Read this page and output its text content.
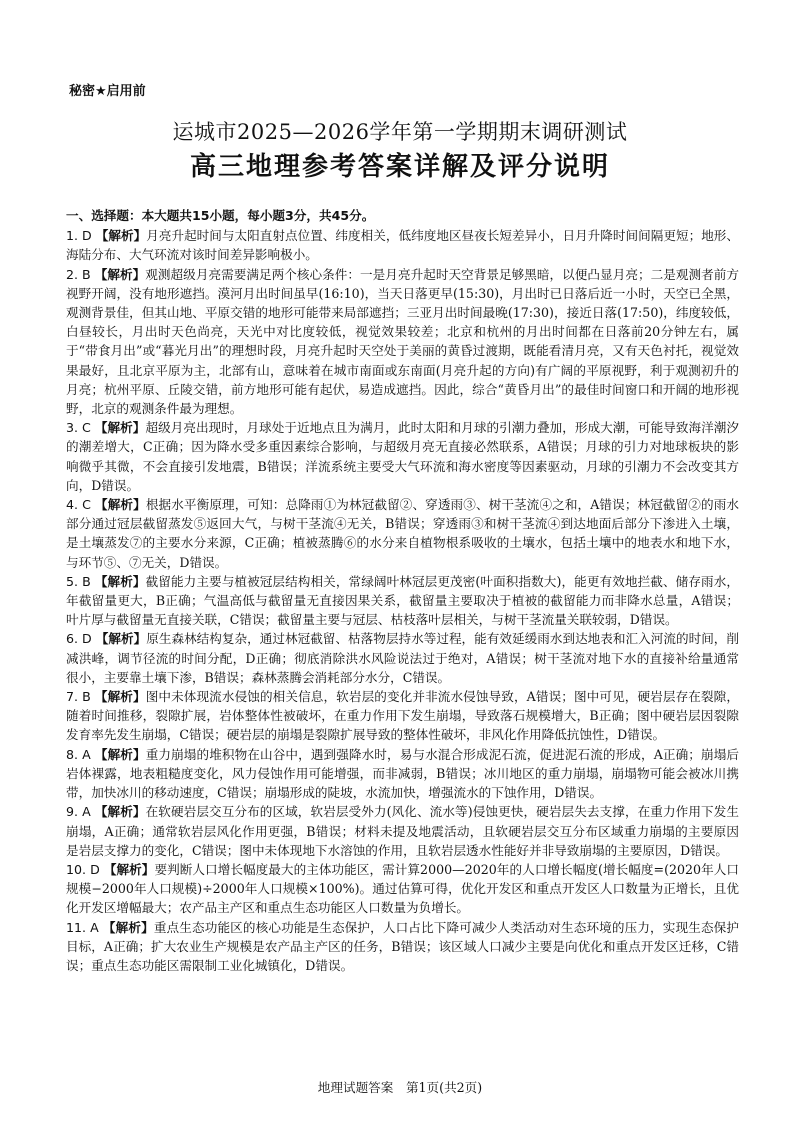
秘密★启用前
运城市2025—2026学年第一学期期末调研测试
高三地理参考答案详解及评分说明
一、选择题：本大题共15小题，每小题3分，共45分。
1. D 【解析】月亮升起时间与太阳直射点位置、纬度相关，低纬度地区昼夜长短差异小，日月升降时间间隔更短；地形、海陆分布、大气环流对该时间差异影响极小。
2. B 【解析】观测超级月亮需要满足两个核心条件：一是月亮升起时天空背景足够黑暗，以便凸显月亮；二是观测者前方视野开阔，没有地形遮挡。漠河月出时间虽早(16:10)，当天日落更早(15:30)，月出时已日落后近一小时，天空已全黑，观测背景佳，但其山地、平原交错的地形可能带来局部遮挡；三亚月出时间最晚(17:30)，接近日落(17:50)，纬度较低，白昼较长，月出时天色尚亮，天光中对比度较低，视觉效果较差；北京和杭州的月出时间都在日落前20分钟左右，属于“带食月出”或“暮光月出”的理想时段，月亮升起时天空处于美丽的黄昏过渡期，既能看清月亮，又有天色衬托，视觉效果最好，且北京平原为主，北部有山，意味着在城市南面或东南面(月亮升起的方向)有广阔的平原视野，利于观测初升的月亮；杭州平原、丘陵交错，前方地形可能有起伏，易造成遮挡。因此，综合“黄昏月出”的最佳时间窗口和开阔的地形视野，北京的观测条件最为理想。
3. C 【解析】超级月亮出现时，月球处于近地点且为满月，此时太阳和月球的引潮力叠加，形成大潮，可能导致海洋潮汐的潮差增大，C正确；因为降水受多重因素综合影响，与超级月亮无直接必然联系，A错误；月球的引力对地球板块的影响微乎其微，不会直接引发地震，B错误；洋流系统主要受大气环流和海水密度等因素驱动，月球的引潮力不会改变其方向，D错误。
4. C 【解析】根据水平衡原理，可知：总降雨①为林冠截留②、穿透雨③、树干茎流④之和，A错误；林冠截留②的雨水部分通过冠层截留蒸发⑤返回大气，与树干茎流④无关，B错误；穿透雨③和树干茎流④到达地面后部分下渗进入土壤，是土壤蒸发⑦的主要水分来源，C正确；植被蒸腾⑥的水分来自植物根系吸收的土壤水，包括土壤中的地表水和地下水，与环节⑤、⑦无关，D错误。
5. B 【解析】截留能力主要与植被冠层结构相关，常绿阔叶林冠层更茂密(叶面积指数大)，能更有效地拦截、储存雨水，年截留量更大，B正确；气温高低与截留量无直接因果关系，截留量主要取决于植被的截留能力而非降水总量，A错误；叶片厚与截留量无直接关联，C错误；截留量主要与冠层、枯枝落叶层相关，与树干茎流量关联较弱，D错误。
6. D 【解析】原生森林结构复杂，通过林冠截留、枯落物层持水等过程，能有效延缓雨水到达地表和汇入河流的时间，削减洪峰，调节径流的时间分配，D正确；彻底消除洪水风险说法过于绝对，A错误；树干茎流对地下水的直接补给量通常很小，主要靠土壤下渗，B错误；森林蒸腾会消耗部分水分，C错误。
7. B 【解析】图中未体现流水侵蚀的相关信息，软岩层的变化并非流水侵蚀导致，A错误；图中可见，硬岩层存在裂隙，随着时间推移，裂隙扩展，岩体整体性被破坏，在重力作用下发生崩塌，导致落石规模增大，B正确；图中硬岩层因裂隙发育率先发生崩塌，C错误；硬岩层的崩塌是裂隙扩展导致的整体性破坏，非风化作用降低抗蚀性，D错误。
8. A 【解析】重力崩塌的堆积物在山谷中，遇到强降水时，易与水混合形成泥石流，促进泥石流的形成，A正确；崩塌后岩体裸露，地表粗糙度变化，风力侵蚀作用可能增强，而非减弱，B错误；冰川地区的重力崩塌，崩塌物可能会被冰川携带，加快冰川的移动速度，C错误；崩塌形成的陡坡，水流加快，增强流水的下蚀作用，D错误。
9. A 【解析】在软硬岩层交互分布的区域，软岩层受外力(风化、流水等)侵蚀更快，硬岩层失去支撑，在重力作用下发生崩塌，A正确；通常软岩层风化作用更强，B错误；材料未提及地震活动，且软硬岩层交互分布区域重力崩塌的主要原因是岩层支撑力的变化，C错误；图中未体现地下水溶蚀的作用，且软岩层透水性能好并非导致崩塌的主要原因，D错误。
10. D 【解析】要判断人口增长幅度最大的主体功能区，需计算2000—2020年的人口增长幅度(增长幅度=(2020年人口规模−2000年人口规模)÷2000年人口规模×100%)。通过估算可得，优化开发区和重点开发区人口数量为正增长，且优化开发区增幅最大；农产品主产区和重点生态功能区人口数量为负增长。
11. A 【解析】重点生态功能区的核心功能是生态保护，人口占比下降可减少人类活动对生态环境的压力，实现生态保护目标，A正确；扩大农业生产规模是农产品主产区的任务，B错误；该区域人口减少主要是向优化和重点开发区迁移，C错误；重点生态功能区需限制工业化城镇化，D错误。
地理试题答案　第1页(共2页)
